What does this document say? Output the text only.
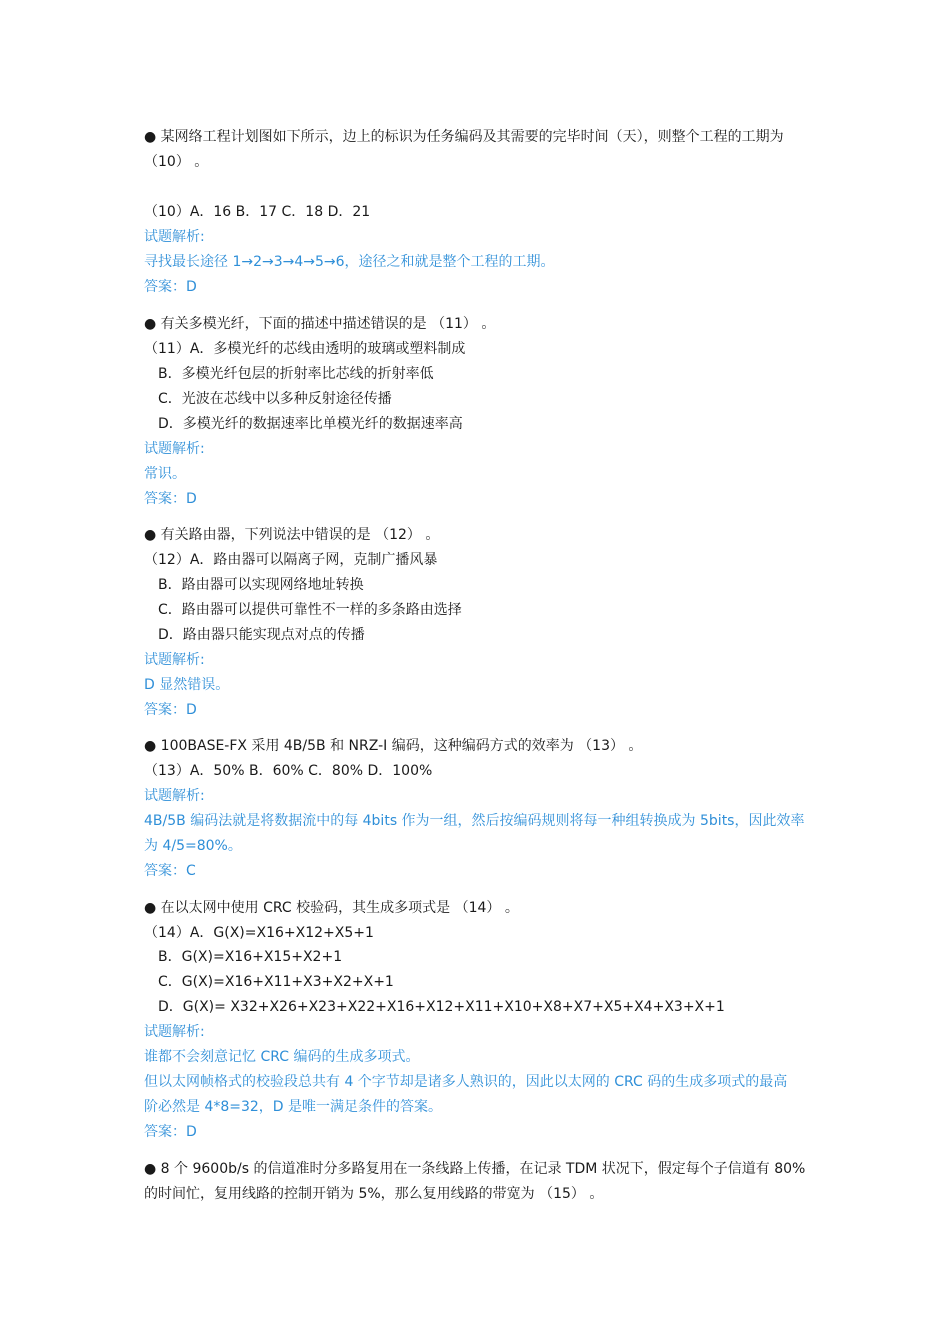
● 某网络工程计划图如下所示，边上的标识为任务编码及其需要的完毕时间（天），则整个工程的工期为
（10） 。
（10）A．16 B．17 C．18 D．21
试题解析:
寻找最长途径 1→2→3→4→5→6，途径之和就是整个工程的工期。
答案：D
● 有关多模光纤，下面的描述中描述错误的是 （11） 。
（11）A．多模光纤的芯线由透明的玻璃或塑料制成
　B．多模光纤包层的折射率比芯线的折射率低
　C．光波在芯线中以多种反射途径传播
　D．多模光纤的数据速率比单模光纤的数据速率高
试题解析:
常识。
答案：D
● 有关路由器，下列说法中错误的是 （12） 。
（12）A．路由器可以隔离子网，克制广播风暴
　B．路由器可以实现网络地址转换
　C．路由器可以提供可靠性不一样的多条路由选择
　D．路由器只能实现点对点的传播
试题解析:
D 显然错误。
答案：D
● 100BASE-FX 采用 4B/5B 和 NRZ-I 编码，这种编码方式的效率为 （13） 。
（13）A．50% B．60% C．80% D．100%
试题解析:
4B/5B 编码法就是将数据流中的每 4bits 作为一组，然后按编码规则将每一种组转换成为 5bits，因此效率
为 4/5=80%。
答案：C
● 在以太网中使用 CRC 校验码，其生成多项式是 （14） 。
（14）A．G(X)=X16+X12+X5+1
　B．G(X)=X16+X15+X2+1
　C．G(X)=X16+X11+X3+X2+X+1
　D．G(X)= X32+X26+X23+X22+X16+X12+X11+X10+X8+X7+X5+X4+X3+X+1
试题解析:
谁都不会刻意记忆 CRC 编码的生成多项式。
但以太网帧格式的校验段总共有 4 个字节却是诸多人熟识的，因此以太网的 CRC 码的生成多项式的最高
阶必然是 4*8=32，D 是唯一满足条件的答案。
答案：D
● 8 个 9600b/s 的信道准时分多路复用在一条线路上传播，在记录 TDM 状况下，假定每个子信道有 80%
的时间忙，复用线路的控制开销为 5%，那么复用线路的带宽为 （15） 。
